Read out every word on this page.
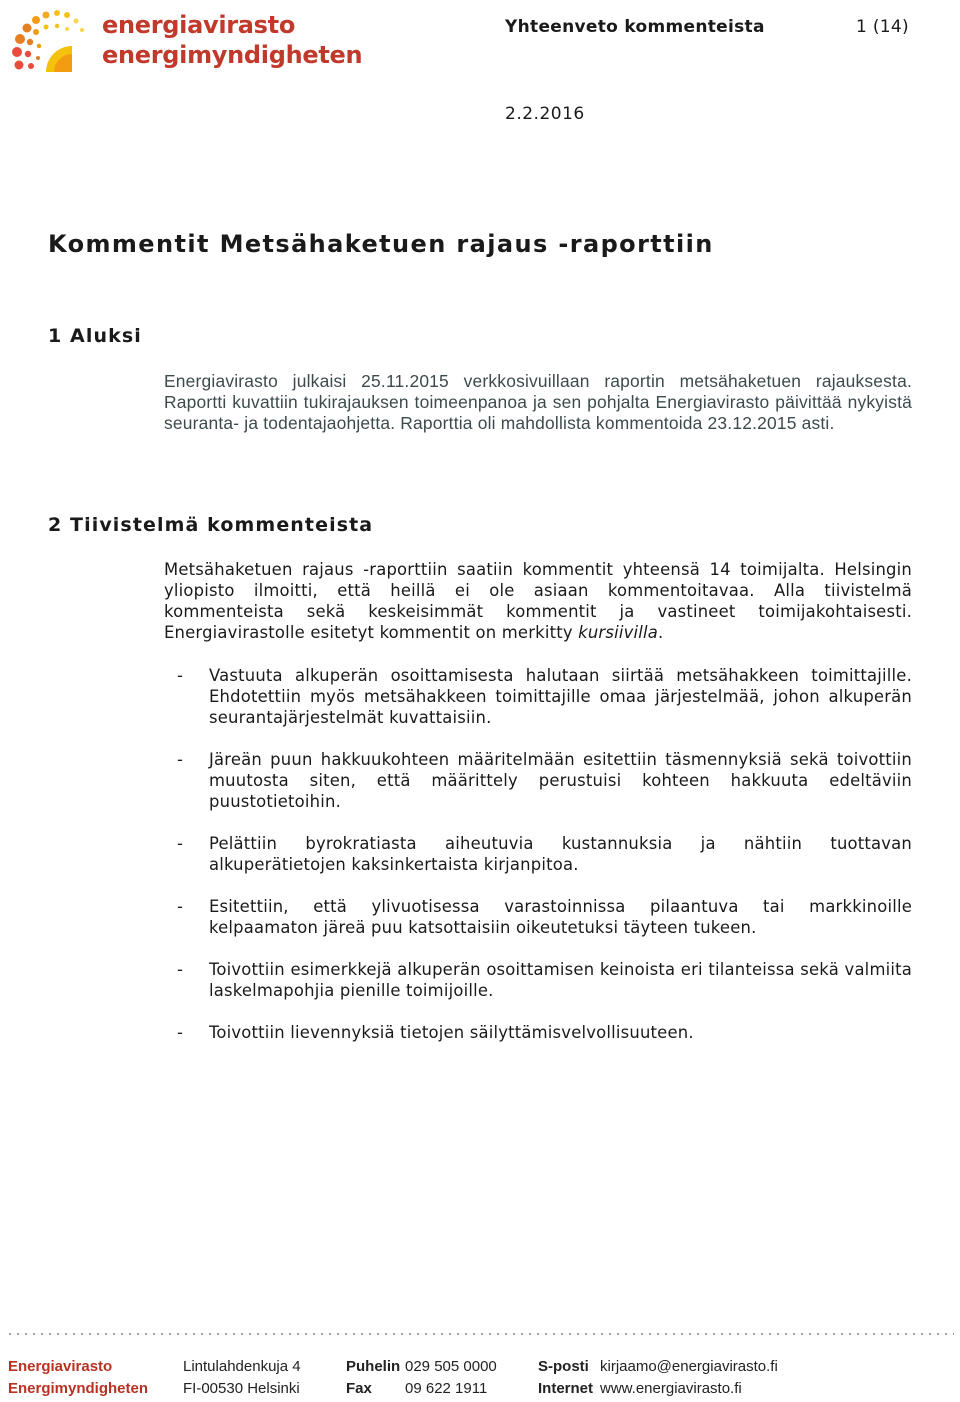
energiavirasto
energimyndigheten
Yhteenveto kommenteista	1 (14)
2.2.2016
Kommentit Metsähaketuen rajaus -raporttiin
1 Aluksi

Energiavirasto julkaisi 25.11.2015 verkkosivuillaan raportin metsähaketuen rajauksesta. Raportti kuvattiin tukirajauksen toimeenpanoa ja sen pohjalta Energiavirasto päivittää nykyistä seuranta- ja todentajaohjetta. Raporttia oli mahdollista kommentoida 23.12.2015 asti.

2 Tiivistelmä kommenteista

Metsähaketuen rajaus -raporttiin saatiin kommentit yhteensä 14 toimijalta. Helsingin yliopisto ilmoitti, että heillä ei ole asiaan kommentoitavaa. Alla tiivistelmä kommenteista sekä keskeisimmät kommentit ja vastineet toimijakohtaisesti. Energiavirastolle esitetyt kommentit on merkitty kursiivilla.

- Vastuuta alkuperän osoittamisesta halutaan siirtää metsähakkeen toimittajille. Ehdotettiin myös metsähakkeen toimittajille omaa järjestelmää, johon alkuperän seurantajärjestelmät kuvattaisiin.
- Järeän puun hakkuukohteen määritelmään esitettiin täsmennyksiä sekä toivottiin muutosta siten, että määrittely perustuisi kohteen hakkuuta edeltäviin puustotietoihin.
- Pelättiin byrokratiasta aiheutuvia kustannuksia ja nähtiin tuottavan alkuperätietojen kaksinkertaista kirjanpitoa.
- Esitettiin, että ylivuotisessa varastoinnissa pilaantuva tai markkinoille kelpaamaton järeä puu katsottaisiin oikeutetuksi täyteen tukeen.
- Toivottiin esimerkkejä alkuperän osoittamisen keinoista eri tilanteissa sekä valmiita laskelmapohjia pienille toimijoille.
- Toivottiin lievennyksiä tietojen säilyttämisvelvollisuuteen.
Energiavirasto
Energimyndigheten
Lintulahdenkuja 4
FI-00530 Helsinki
Puhelin
Fax
029 505 0000
09 622 1911
S-posti
Internet
kirjaamo@energiavirasto.fi
www.energiavirasto.fi
